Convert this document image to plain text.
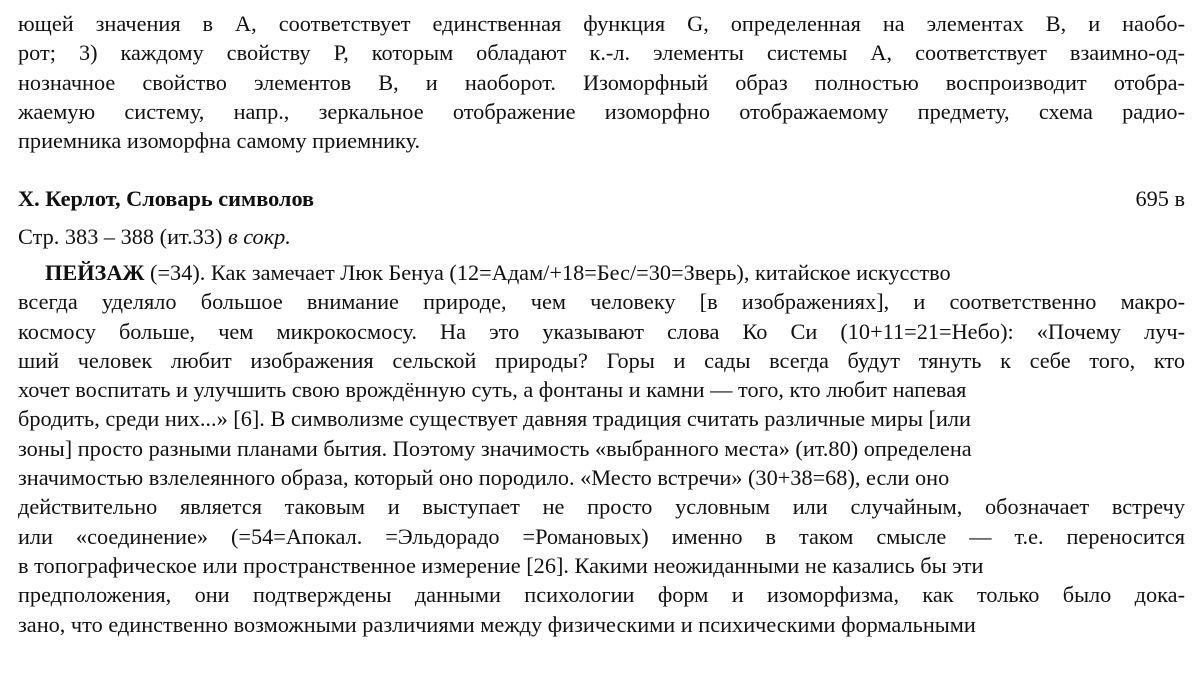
ющей значения в А, соответствует единственная функция G, определенная на элементах В, и наобо-
рот; 3) каждому свойству Р, которым обладают к.-л. элементы системы А, соответствует взаимно-од-
нозначное свойство элементов В, и наоборот. Изоморфный образ полностью воспроизводит отобра-
жаемую систему, напр., зеркальное отображение изоморфно отображаемому предмету, схема радио-
приемника изоморфна самому приемнику.
Х. Керлот, Словарь символов	695 в
Стр. 383 – 388 (ит.33) в сокр.
ПЕЙЗАЖ (=34). Как замечает Люк Бенуа (12=Адам/+18=Бес/=30=Зверь), китайское искусство
всегда уделяло большое внимание природе, чем человеку [в изображениях], и соответственно макро-
космосу больше, чем микрокосмосу. На это указывают слова Ко Си (10+11=21=Небо): «Почему луч-
ший человек любит изображения сельской природы? Горы и сады всегда будут тянуть к себе того, кто
хочет воспитать и улучшить свою врождённую суть, а фонтаны и камни — того, кто любит напевая
бродить, среди них...» [6]. В символизме существует давняя традиция считать различные миры [или
зоны] просто разными планами бытия. Поэтому значимость «выбранного места» (ит.80) определена
значимостью взлелеянного образа, который оно породило. «Место встречи» (30+38=68), если оно
действительно является таковым и выступает не просто условным или случайным, обозначает встречу
или «соединение» (=54=Апокал. =Эльдорадо =Романовых) именно в таком смысле — т.е. переносится
в топографическое или пространственное измерение [26]. Какими неожиданными не казались бы эти
предположения, они подтверждены данными психологии форм и изоморфизма, как только было дока-
зано, что единственно возможными различиями между физическими и психическими формальными
